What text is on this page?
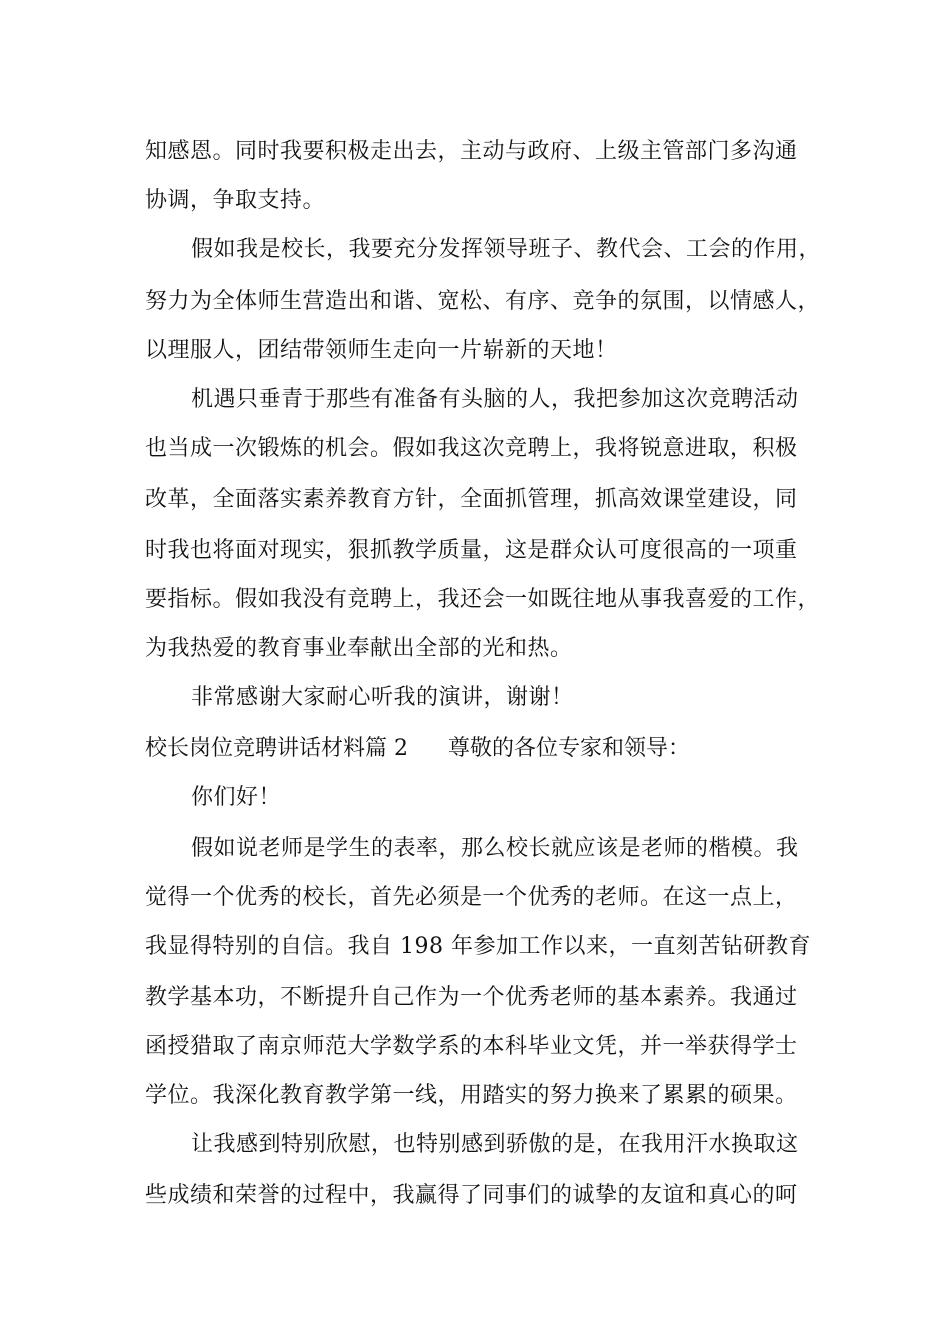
知感恩。同时我要积极走出去，主动与政府、上级主管部门多沟通
协调，争取支持。
假如我是校长，我要充分发挥领导班子、教代会、工会的作用，
努力为全体师生营造出和谐、宽松、有序、竞争的氛围，以情感人，
以理服人，团结带领师生走向一片崭新的天地！
机遇只垂青于那些有准备有头脑的人，我把参加这次竞聘活动
也当成一次锻炼的机会。假如我这次竞聘上，我将锐意进取，积极
改革，全面落实素养教育方针，全面抓管理，抓高效课堂建设，同
时我也将面对现实，狠抓教学质量，这是群众认可度很高的一项重
要指标。假如我没有竞聘上，我还会一如既往地从事我喜爱的工作，
为我热爱的教育事业奉献出全部的光和热。
非常感谢大家耐心听我的演讲，谢谢！
校长岗位竞聘讲话材料篇 2 尊敬的各位专家和领导：
你们好！
假如说老师是学生的表率，那么校长就应该是老师的楷模。我
觉得一个优秀的校长，首先必须是一个优秀的老师。在这一点上，
我显得特别的自信。我自 198 年参加工作以来，一直刻苦钻研教育
教学基本功，不断提升自己作为一个优秀老师的基本素养。我通过
函授猎取了南京师范大学数学系的本科毕业文凭，并一举获得学士
学位。我深化教育教学第一线，用踏实的努力换来了累累的硕果。
让我感到特别欣慰，也特别感到骄傲的是，在我用汗水换取这
些成绩和荣誉的过程中，我赢得了同事们的诚挚的友谊和真心的呵
